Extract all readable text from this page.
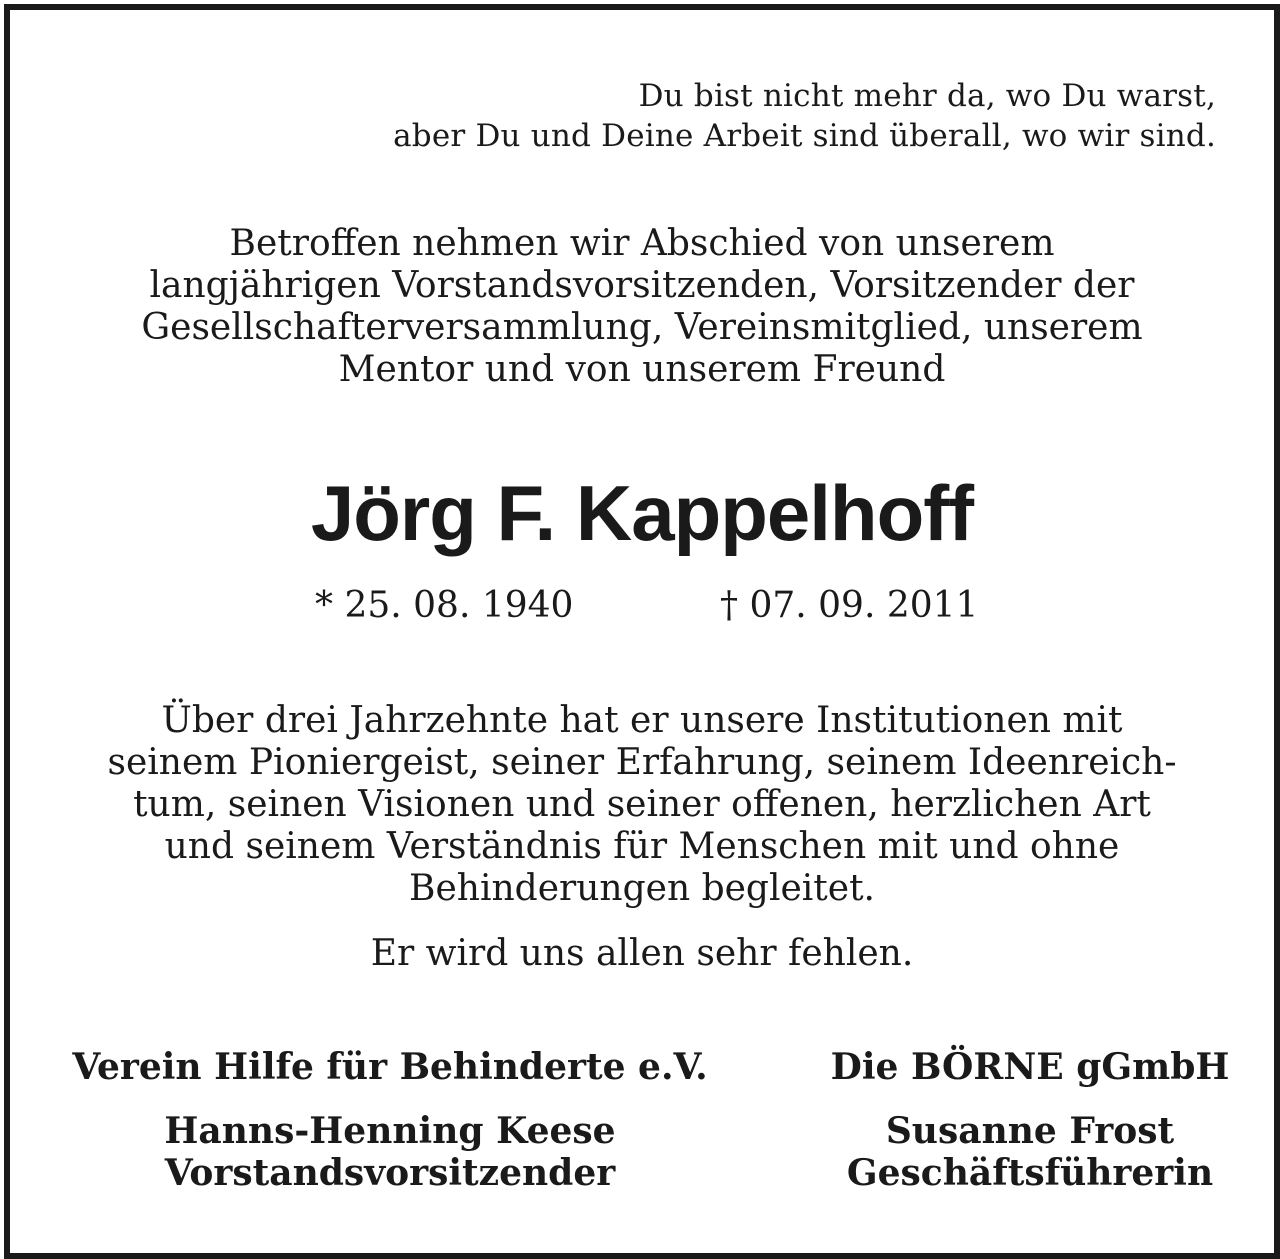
Du bist nicht mehr da, wo Du warst,
aber Du und Deine Arbeit sind überall, wo wir sind.
Betroffen nehmen wir Abschied von unserem
langjährigen Vorstandsvorsitzenden, Vorsitzender der
Gesellschafterversammlung, Vereinsmitglied, unserem
Mentor und von unserem Freund
Jörg F. Kappelhoff
* 25. 08. 1940	† 07. 09. 2011
Über drei Jahrzehnte hat er unsere Institutionen mit
seinem Pioniergeist, seiner Erfahrung, seinem Ideenreich-
tum, seinen Visionen und seiner offenen, herzlichen Art
und seinem Verständnis für Menschen mit und ohne
Behinderungen begleitet.
Er wird uns allen sehr fehlen.
Verein Hilfe für Behinderte e.V.
Hanns-Henning Keese
Vorstandsvorsitzender
Die BÖRNE gGmbH
Susanne Frost
Geschäftsführerin
